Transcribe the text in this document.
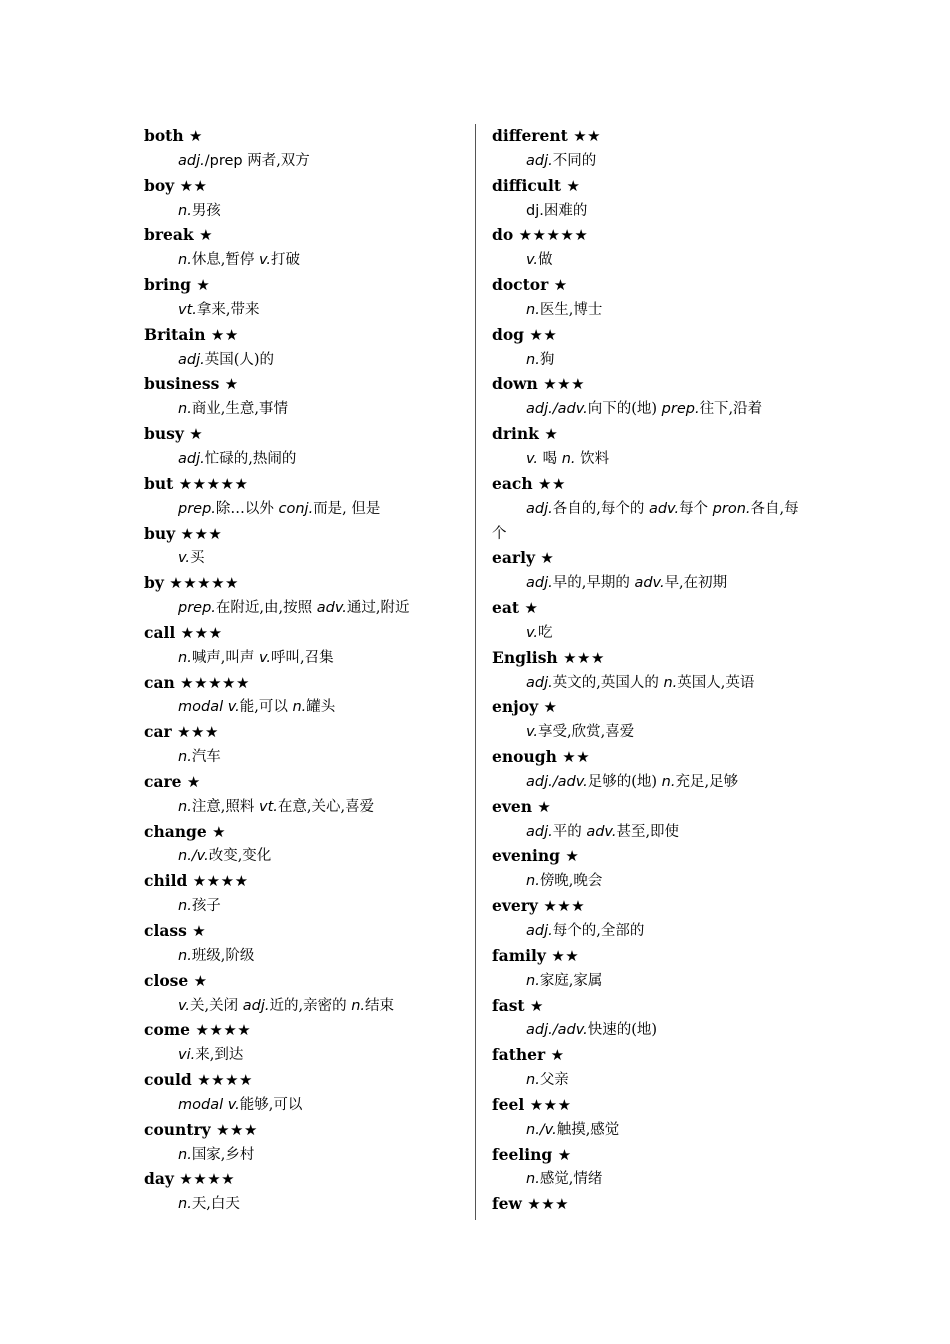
both ★
adj./prep 两者,双方
boy ★★
n.男孩
break ★
n.休息,暂停 v.打破
bring ★
vt.拿来,带来
Britain ★★
adj.英国(人)的
business ★
n.商业,生意,事情
busy ★
adj.忙碌的,热闹的
but ★★★★★
prep.除…以外 conj.而是, 但是
buy ★★★
v.买
by ★★★★★
prep.在附近,由,按照 adv.通过,附近
call ★★★
n.喊声,叫声 v.呼叫,召集
can ★★★★★
modal v.能,可以 n.罐头
car ★★★
n.汽车
care ★
n.注意,照料 vt.在意,关心,喜爱
change ★
n./v.改变,变化
child ★★★★
n.孩子
class ★
n.班级,阶级
close ★
v.关,关闭 adj.近的,亲密的 n.结束
come ★★★★
vi.来,到达
could ★★★★
modal v.能够,可以
country ★★★
n.国家,乡村
day ★★★★
n.天,白天
different ★★
adj.不同的
difficult ★
dj.困难的
do ★★★★★
v.做
doctor ★
n.医生,博士
dog ★★
n.狗
down ★★★
adj./adv.向下的(地) prep.往下,沿着
drink ★
v. 喝 n. 饮料
each ★★
adj.各自的,每个的 adv.每个 pron.各自,每个
early ★
adj.早的,早期的 adv.早,在初期
eat ★
v.吃
English ★★★
adj.英文的,英国人的 n.英国人,英语
enjoy ★
v.享受,欣赏,喜爱
enough ★★
adj./adv.足够的(地) n.充足,足够
even ★
adj.平的 adv.甚至,即使
evening ★
n.傍晚,晚会
every ★★★
adj.每个的,全部的
family ★★
n.家庭,家属
fast ★
adj./adv.快速的(地)
father ★
n.父亲
feel ★★★
n./v.触摸,感觉
feeling ★
n.感觉,情绪
few ★★★
